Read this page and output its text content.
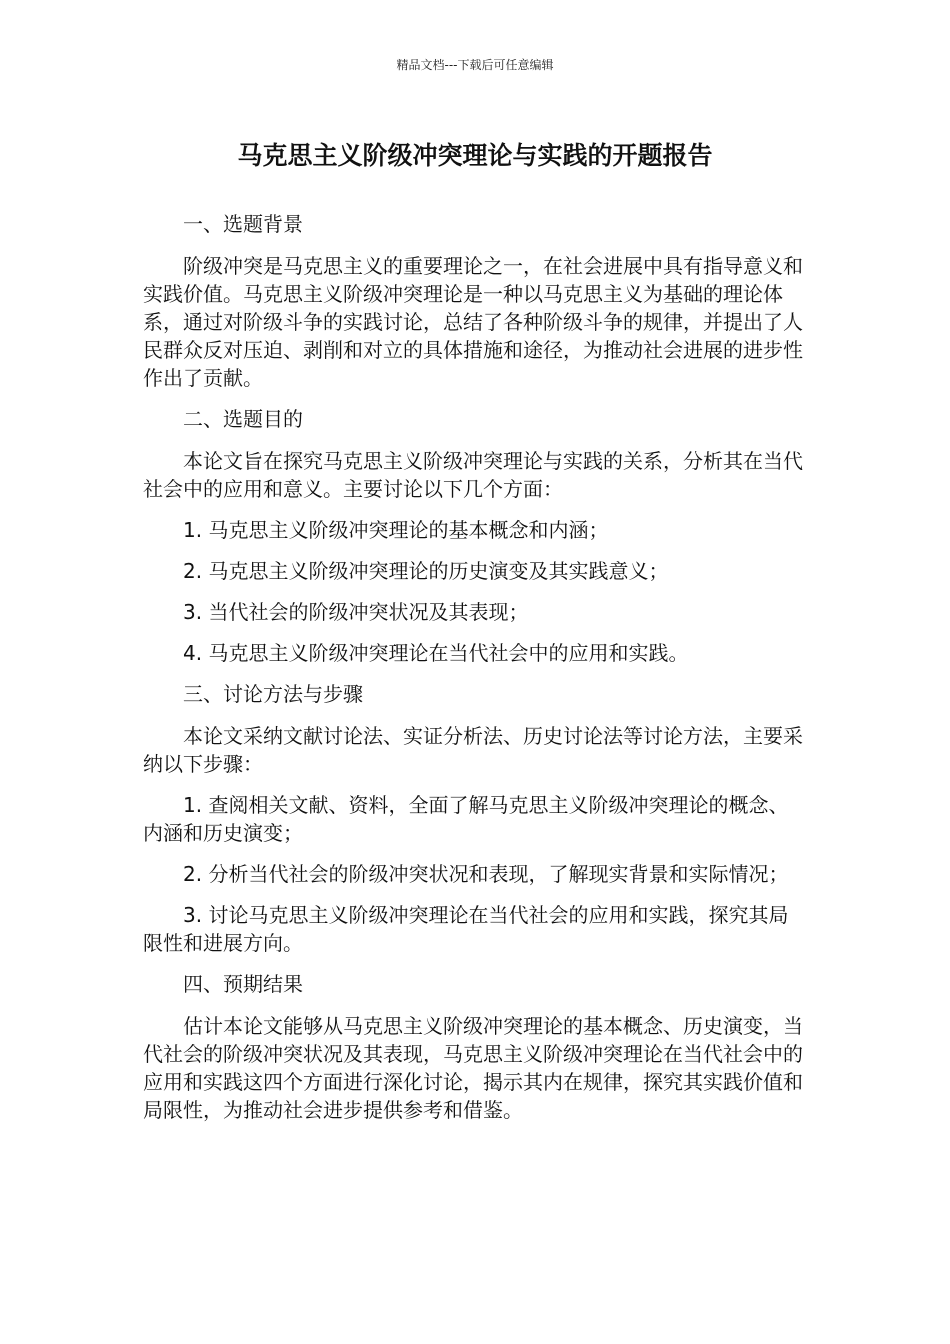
精品文档---下载后可任意编辑
马克思主义阶级冲突理论与实践的开题报告

一、选题背景

阶级冲突是马克思主义的重要理论之一，在社会进展中具有指导意义和实践价值。马克思主义阶级冲突理论是一种以马克思主义为基础的理论体系，通过对阶级斗争的实践讨论，总结了各种阶级斗争的规律，并提出了人民群众反对压迫、剥削和对立的具体措施和途径，为推动社会进展的进步性作出了贡献。

二、选题目的

本论文旨在探究马克思主义阶级冲突理论与实践的关系，分析其在当代社会中的应用和意义。主要讨论以下几个方面：

1. 马克思主义阶级冲突理论的基本概念和内涵；

2. 马克思主义阶级冲突理论的历史演变及其实践意义；

3. 当代社会的阶级冲突状况及其表现；

4. 马克思主义阶级冲突理论在当代社会中的应用和实践。

三、讨论方法与步骤

本论文采纳文献讨论法、实证分析法、历史讨论法等讨论方法，主要采纳以下步骤：

1. 查阅相关文献、资料，全面了解马克思主义阶级冲突理论的概念、内涵和历史演变；

2. 分析当代社会的阶级冲突状况和表现，了解现实背景和实际情况；

3. 讨论马克思主义阶级冲突理论在当代社会的应用和实践，探究其局限性和进展方向。

四、预期结果

估计本论文能够从马克思主义阶级冲突理论的基本概念、历史演变，当代社会的阶级冲突状况及其表现，马克思主义阶级冲突理论在当代社会中的应用和实践这四个方面进行深化讨论，揭示其内在规律，探究其实践价值和局限性，为推动社会进步提供参考和借鉴。
